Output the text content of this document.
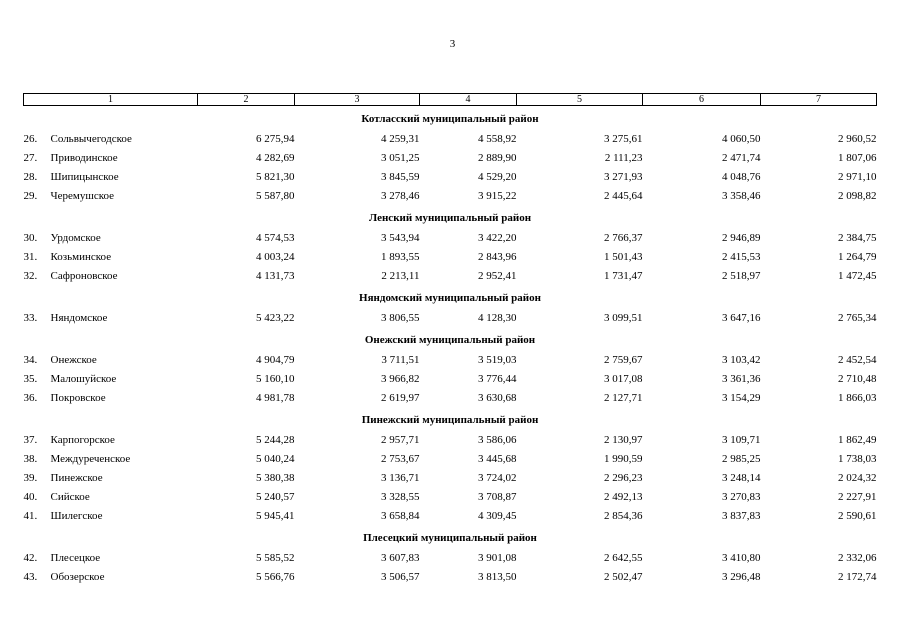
3
1	2	3	4	5	6	7
Котласский муниципальный район						
26. Сольвычегодское	6 275,94	4 259,31	4 558,92	3 275,61	4 060,50	2 960,52
27. Приводинское	4 282,69	3 051,25	2 889,90	2 111,23	2 471,74	1 807,06
28. Шипицынское	5 821,30	3 845,59	4 529,20	3 271,93	4 048,76	2 971,10
29. Черемушское	5 587,80	3 278,46	3 915,22	2 445,64	3 358,46	2 098,82
Ленский муниципальный район						
30. Урдомское	4 574,53	3 543,94	3 422,20	2 766,37	2 946,89	2 384,75
31. Козьминское	4 003,24	1 893,55	2 843,96	1 501,43	2 415,53	1 264,79
32. Сафроновское	4 131,73	2 213,11	2 952,41	1 731,47	2 518,97	1 472,45
Няндомский муниципальный район						
33. Няндомское	5 423,22	3 806,55	4 128,30	3 099,51	3 647,16	2 765,34
Онежский муниципальный район						
34. Онежское	4 904,79	3 711,51	3 519,03	2 759,67	3 103,42	2 452,54
35. Малошуйское	5 160,10	3 966,82	3 776,44	3 017,08	3 361,36	2 710,48
36. Покровское	4 981,78	2 619,97	3 630,68	2 127,71	3 154,29	1 866,03
Пинежский муниципальный район						
37. Карпогорское	5 244,28	2 957,71	3 586,06	2 130,97	3 109,71	1 862,49
38. Междуреченское	5 040,24	2 753,67	3 445,68	1 990,59	2 985,25	1 738,03
39. Пинежское	5 380,38	3 136,71	3 724,02	2 296,23	3 248,14	2 024,32
40. Сийское	5 240,57	3 328,55	3 708,87	2 492,13	3 270,83	2 227,91
41. Шилегское	5 945,41	3 658,84	4 309,45	2 854,36	3 837,83	2 590,61
Плесецкий муниципальный район						
42. Плесецкое	5 585,52	3 607,83	3 901,08	2 642,55	3 410,80	2 332,06
43. Обозерское	5 566,76	3 506,57	3 813,50	2 502,47	3 296,48	2 172,74
